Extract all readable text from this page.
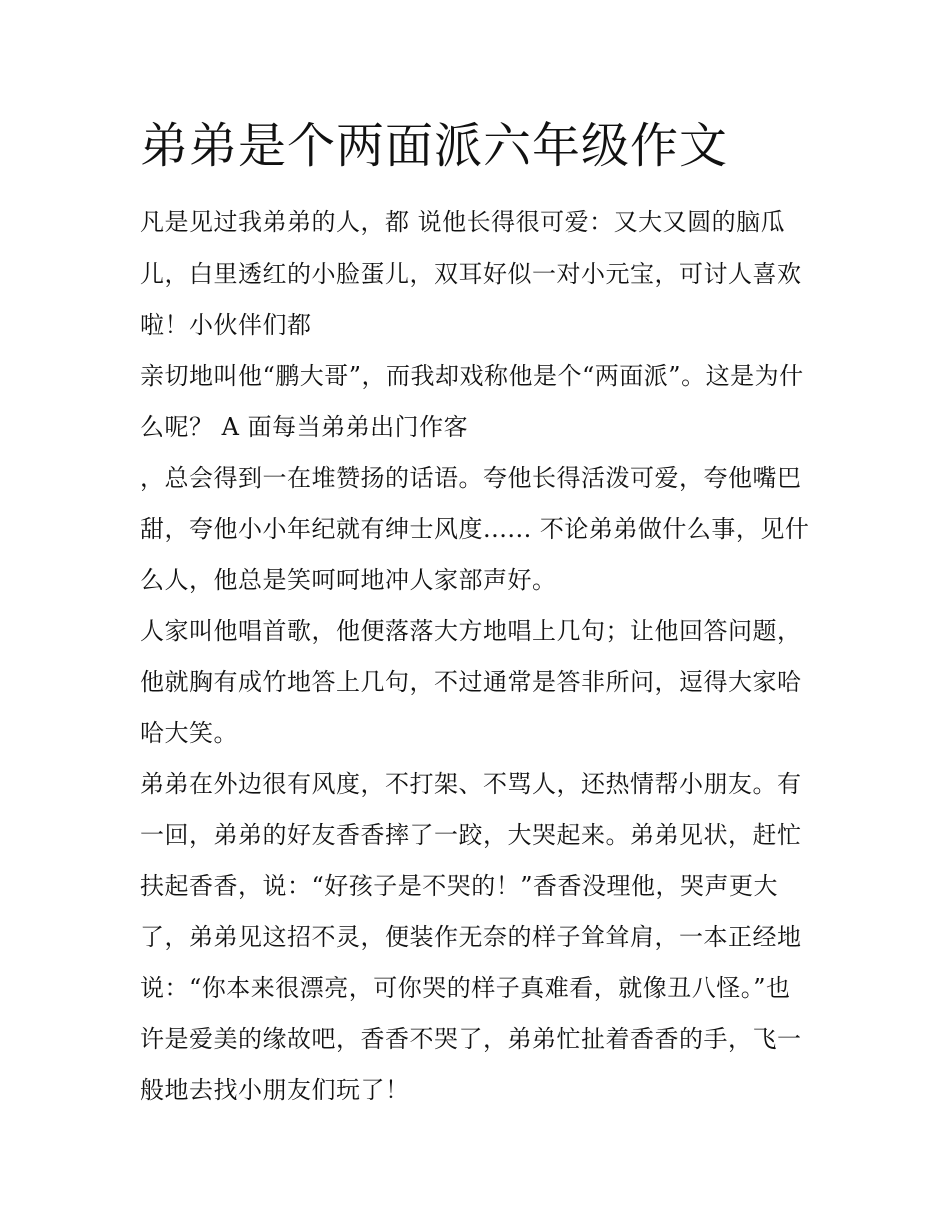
弟弟是个两面派六年级作文

凡是见过我弟弟的人，都 说他长得很可爱：又大又圆的脑瓜

儿，白里透红的小脸蛋儿，双耳好似一对小元宝，可讨人喜欢

啦！小伙伴们都

亲切地叫他“鹏大哥”，而我却戏称他是个“两面派”。这是为什

么呢？ A 面每当弟弟出门作客

，总会得到一在堆赞扬的话语。夸他长得活泼可爱，夸他嘴巴

甜，夸他小小年纪就有绅士风度...... 不论弟弟做什么事，见什

么人，他总是笑呵呵地冲人家部声好。

人家叫他唱首歌，他便落落大方地唱上几句；让他回答问题，

他就胸有成竹地答上几句，不过通常是答非所问，逗得大家哈

哈大笑。

弟弟在外边很有风度，不打架、不骂人，还热情帮小朋友。有

一回，弟弟的好友香香摔了一跤，大哭起来。弟弟见状，赶忙

扶起香香，说：“好孩子是不哭的！”香香没理他，哭声更大

了，弟弟见这招不灵，便装作无奈的样子耸耸肩，一本正经地

说：“你本来很漂亮，可你哭的样子真难看，就像丑八怪。”也

许是爱美的缘故吧，香香不哭了，弟弟忙扯着香香的手，飞一

般地去找小朋友们玩了！
